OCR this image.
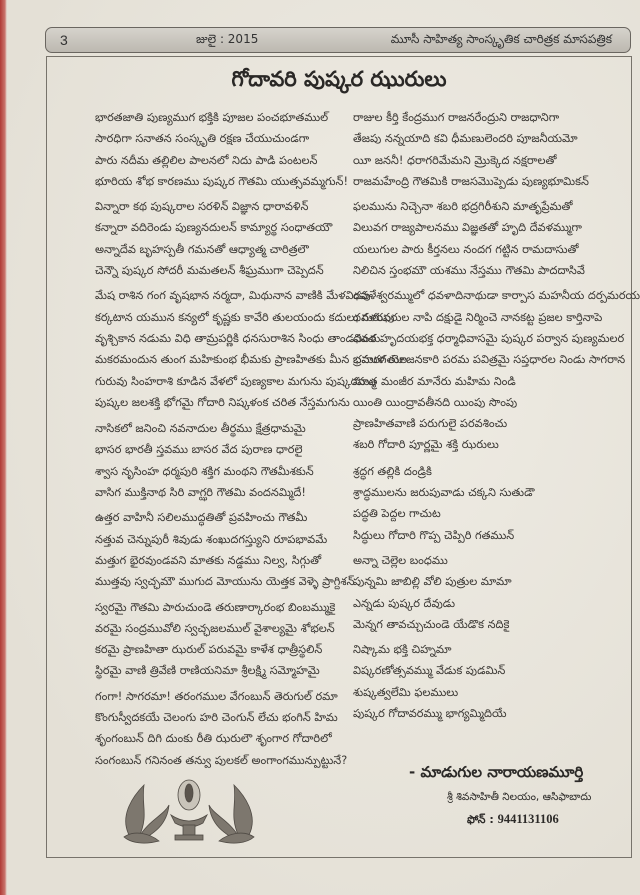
3	జులై : 2015	మూసీ సాహిత్య సాంస్కృతిక చారిత్రక మాసపత్రిక
గోదావరి పుష్కర ఝురులు
భారతజాతి పుణ్యముగ భక్తికి పూజల పంచభూతముల్
సారధిగా సనాతన సంస్కృతి రక్షణ చేయుచుండగా
పారు నదీమ తల్లిలిల పాలనలో నిదు పాడి పంటలన్
భూరియ శోభ కారణము పుష్కర గౌతమి యుత్సవమ్మగున్!
విన్నారా కథ పుష్కరాల సరళిన్ విజ్ఞాన ధారావళిన్
కన్నారా వదిరెండు పుణ్యనదులన్ కామ్యార్థ సంధాతయౌ
అన్నాదేవ బృహస్పతీ గమనతో ఆధ్యాత్మ చారిత్రలౌ
చెన్నౌ పుష్కర సోదరీ మమతలన్ శీఘ్రముగా చెప్పెదన్
మేష రాశిన గంగ వృషభాన నర్మదా, మిథునాన వాణికి మేళవింపు
కర్కటాన యమున కన్యలో కృష్ణకు కావేరి తులయందు కదులు గురువు
వృశ్చికాన నడుమ విధి తామ్రపర్ణికి ధనసురాశిన సింధు తాండవించు
మకరమందున తుంగ మహికుంభ భీమకు ప్రాణహితకు మీన భ్రమరగతుల
గురువు సింహరాశి కూడిన వేళలో పుణ్యకాల మగును పుష్కరమ్ము
పుష్కల జలశక్తి భోగమై గోదారి నిష్కళంక చరిత నేస్తమగును
నాసికలో జనించి నవనాదుల తీర్థము క్షేత్రధామమై
భాసర భారతీ స్తవము బాసర వేద పురాణ ధారలై
శ్వాస నృసింహ ధర్మపురి శక్తిగ మంథని గౌతమీశకున్
వాసిగ ముక్తినాథ సిరి వాగ్ఝరి గౌతమి వందనమ్మిదే!
ఉత్తర వాహినీ సలిలముద్ధతితో ప్రవహించు గౌతమీ
నత్తువ చెన్నుపురీ శివుడు శంఖుదగస్త్యుని రూపభావమే
మత్తుగ భైరవుండవని మాతకు నడ్డము నిల్వ, సిగ్గుతో
ముత్తవు స్వచ్ఛమౌ ముగుద మోయును యెత్తక వెళ్ళె ప్రాగ్దిశన్
స్వరమై గౌతమి పారుచుండె తరుణార్కారంభ బింబమ్ముకై
వరమై సంద్రమువోలి స్వచ్ఛజలముల్ వైశాల్యమై శోభలన్
కరమై ప్రాణహితా ఝరుల్ పరువమై కాళేశ ధాత్రీస్థలిన్
స్థిరమై వాణి త్రివేణి రాణియనిమా శ్రీలక్ష్మి సమ్మోహమై
గంగా! సాగరమా! తరంగముల వేగంబున్ తెరుగుల్ రమా
కొంగుస్వీదకయే చెలంగు హరి చెంగున్ లేచు భంగిన్ హిమ
శృంగంబున్ దిగి దుంకు రీతి ఝరులౌ శృంగార గోదారిలో
సంగంబున్ గనినంత తన్వు పులకల్ అంగాంగమున్పుట్టునే?
రాజుల కీర్తి కేంద్రముగ రాజనరేంద్రుని రాజధానిగా
తేజపు నన్నయాది కవి ధీమణులెందరి పూజనీయమో
యీ జననీ! ధరాగరిమేమని మ్రొక్కెద నక్షరాలతో
రాజమహేంద్రి గౌతమికి రాజసమొప్పెడు పుణ్యభూమికన్
ఫలమును నిచ్చెనా శబరి భద్రగిరీశుని మాతృప్రేమతో
విలువగ రాజ్యపాలనము విజ్ఞతతో హృది దేవళమ్ముగా
యలుగుల పారు కీర్తనలు నందగ గట్టిన రామదాసుతో
నిలిచిన స్తంభమౌ యశము నేస్తము గౌతమి పాదదాసివే
ధవళేశ్వరమ్ములో ధవళాదినాథుడా కార్పాస మహనీయ దర్పమరయ
ధవళఝరుల నాపి దక్షుడై నిర్మించె నానకట్ట ప్రజల కార్తినాపె
ధవళ హృదయభక్త ధర్మాధివాసమై పుష్కర పర్వాన పుణ్యమలర
బహుళ యోజనకారి పరమ పవిత్రమై సప్తధారల నిండు సాగరాన
మాత మంజీర మానేరు మహిమ నిండి
యింతి యింద్రావతీనది యింపు సొంపు
ప్రాణహితవాణి పరుగులై పరవశించు
శబరి గోదారి పూర్ణమై శక్తి ఝరులు
శ్రద్ధగ తల్లికి దండ్రికి
శ్రాద్ధములను జరుపువాడు చక్కని సుతుడౌ
పద్ధతి పెద్దల గాచుట
సిద్ధులు గోదారి గొప్ప చెప్పిరి గతమున్
అన్నా చెల్లెల బంధము
పున్నమి జాబిల్లి వోలి పుత్రుల మామా
ఎన్నడు పుష్కర దేవుడు
మెన్నగ తావచ్చుచుండె యేడొక నదికై
నిష్కామ భక్తి చిహ్నమా
విష్కరణోత్సవమ్ము వేడుక పుడమిన్
శుష్కత్వలేమి ఫలములు
పుష్కర గోదావరమ్ము భాగ్యమ్మిదియే
- మాడుగుల నారాయణమూర్తి
శ్రీ శివసాహితీ నిలయం, ఆసిఫాబాదు
ఫోన్ : 9441131106
